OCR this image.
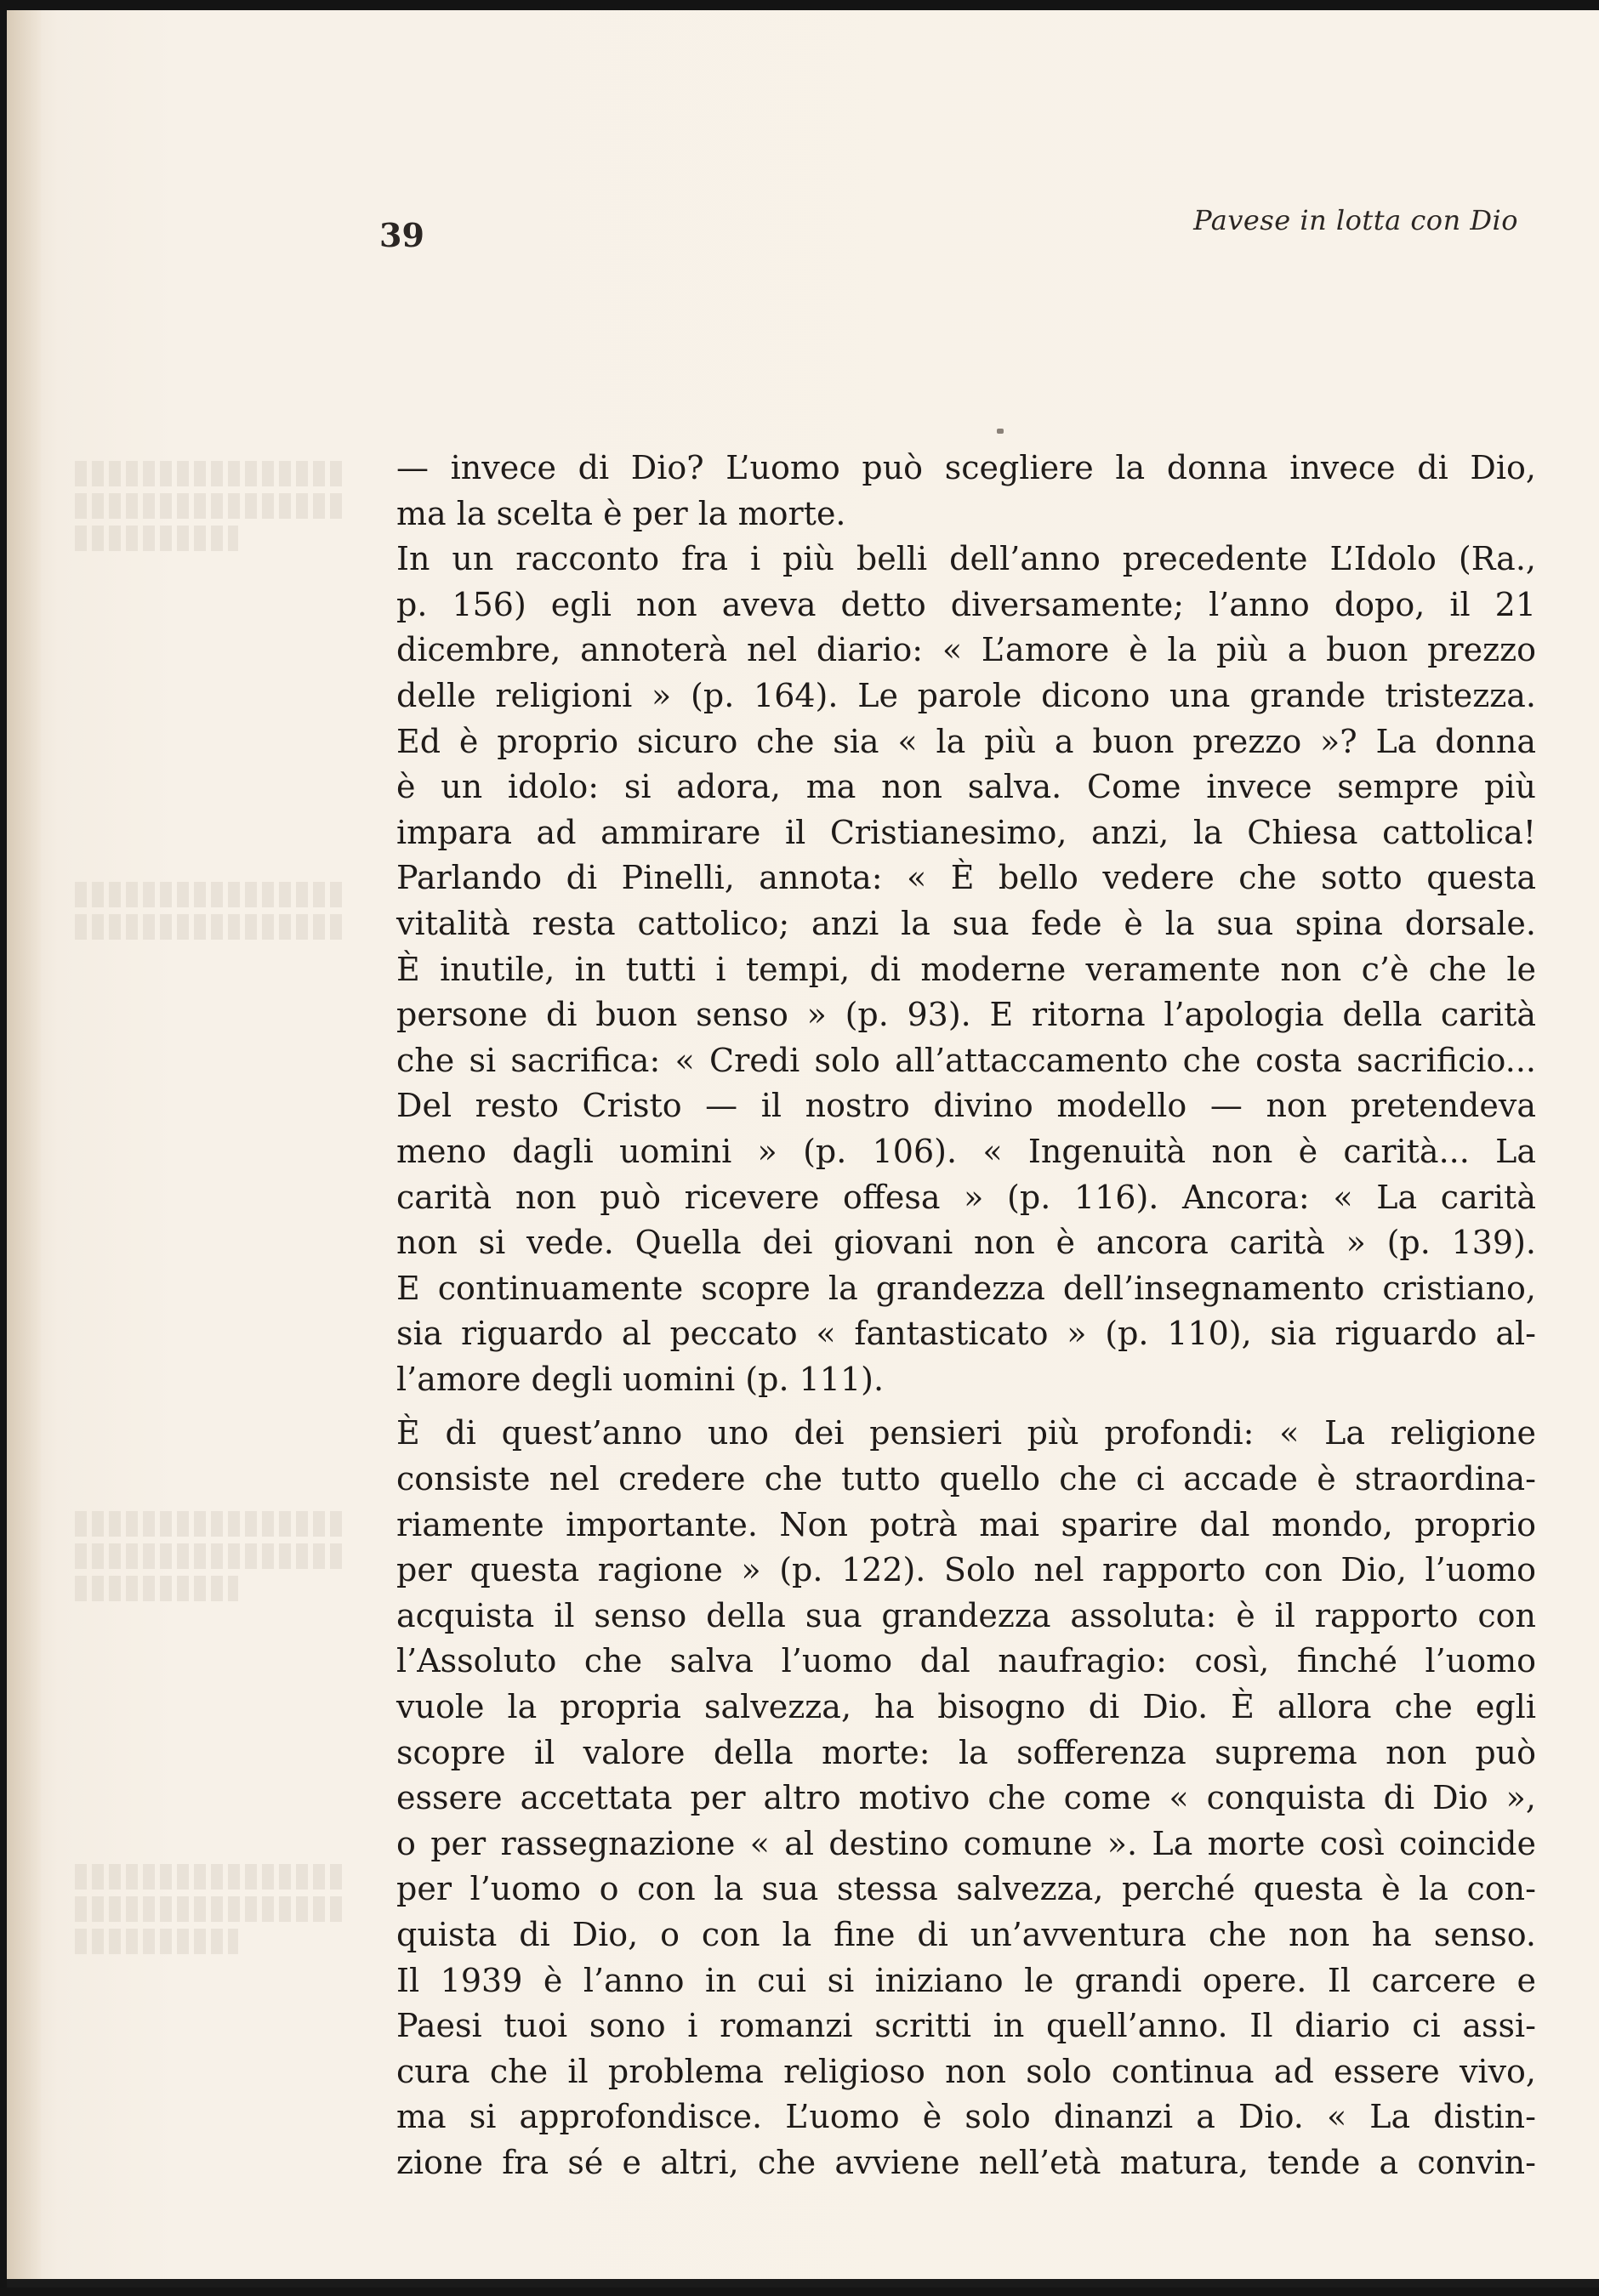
39	Pavese in lotta con Dio
— invece di Dio? L’uomo può scegliere la donna invece di Dio,
ma la scelta è per la morte.
In un racconto fra i più belli dell’anno precedente L’Idolo (Ra.,
p. 156) egli non aveva detto diversamente; l’anno dopo, il 21
dicembre, annoterà nel diario: « L’amore è la più a buon prezzo
delle religioni » (p. 164). Le parole dicono una grande tristezza.
Ed è proprio sicuro che sia « la più a buon prezzo »? La donna
è un idolo: si adora, ma non salva. Come invece sempre più
impara ad ammirare il Cristianesimo, anzi, la Chiesa cattolica!
Parlando di Pinelli, annota: « È bello vedere che sotto questa
vitalità resta cattolico; anzi la sua fede è la sua spina dorsale.
È inutile, in tutti i tempi, di moderne veramente non c’è che le
persone di buon senso » (p. 93). E ritorna l’apologia della carità
che si sacrifica: « Credi solo all’attaccamento che costa sacrificio...
Del resto Cristo — il nostro divino modello — non pretendeva
meno dagli uomini » (p. 106). « Ingenuità non è carità... La
carità non può ricevere offesa » (p. 116). Ancora: « La carità
non si vede. Quella dei giovani non è ancora carità » (p. 139).
E continuamente scopre la grandezza dell’insegnamento cristiano,
sia riguardo al peccato « fantasticato » (p. 110), sia riguardo al-
l’amore degli uomini (p. 111).
È di quest’anno uno dei pensieri più profondi: « La religione
consiste nel credere che tutto quello che ci accade è straordina-
riamente importante. Non potrà mai sparire dal mondo, proprio
per questa ragione » (p. 122). Solo nel rapporto con Dio, l’uomo
acquista il senso della sua grandezza assoluta: è il rapporto con
l’Assoluto che salva l’uomo dal naufragio: così, finché l’uomo
vuole la propria salvezza, ha bisogno di Dio. È allora che egli
scopre il valore della morte: la sofferenza suprema non può
essere accettata per altro motivo che come « conquista di Dio »,
o per rassegnazione « al destino comune ». La morte così coincide
per l’uomo o con la sua stessa salvezza, perché questa è la con-
quista di Dio, o con la fine di un’avventura che non ha senso.
Il 1939 è l’anno in cui si iniziano le grandi opere. Il carcere e
Paesi tuoi sono i romanzi scritti in quell’anno. Il diario ci assi-
cura che il problema religioso non solo continua ad essere vivo,
ma si approfondisce. L’uomo è solo dinanzi a Dio. « La distin-
zione fra sé e altri, che avviene nell’età matura, tende a convin-
